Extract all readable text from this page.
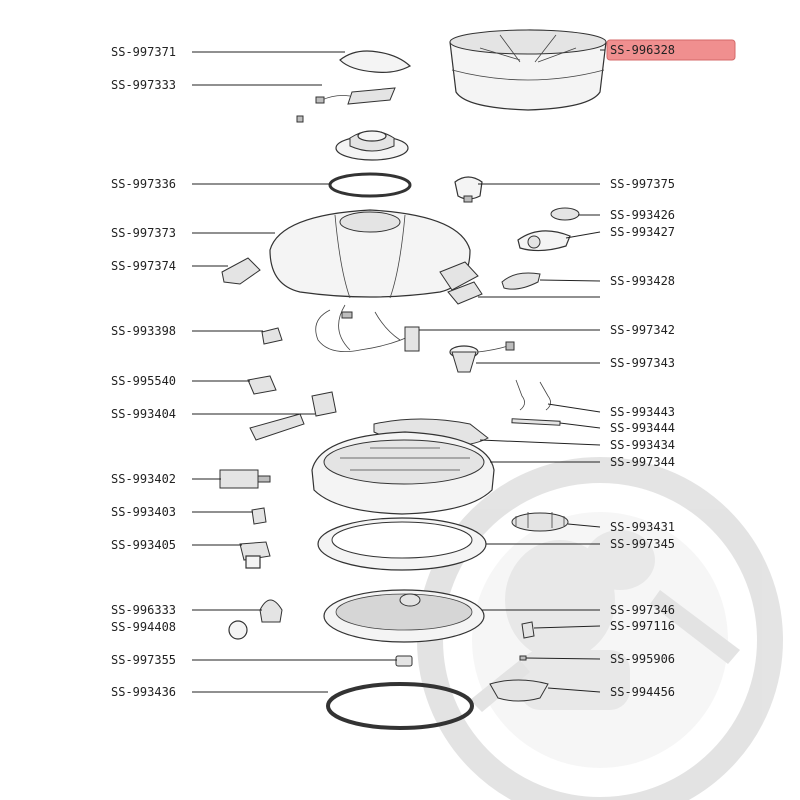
SS-997371
SS-997333
SS-997336
SS-997373
SS-997374
SS-993398
SS-995540
SS-993404
SS-993402
SS-993403
SS-993405
SS-996333
SS-994408
SS-997355
SS-993436
SS-996328
SS-997375
SS-993426
SS-993427
SS-993428
SS-997342
SS-997343
SS-993443
SS-993444
SS-993434
SS-997344
SS-993431
SS-997345
SS-997346
SS-997116
SS-995906
SS-994456
